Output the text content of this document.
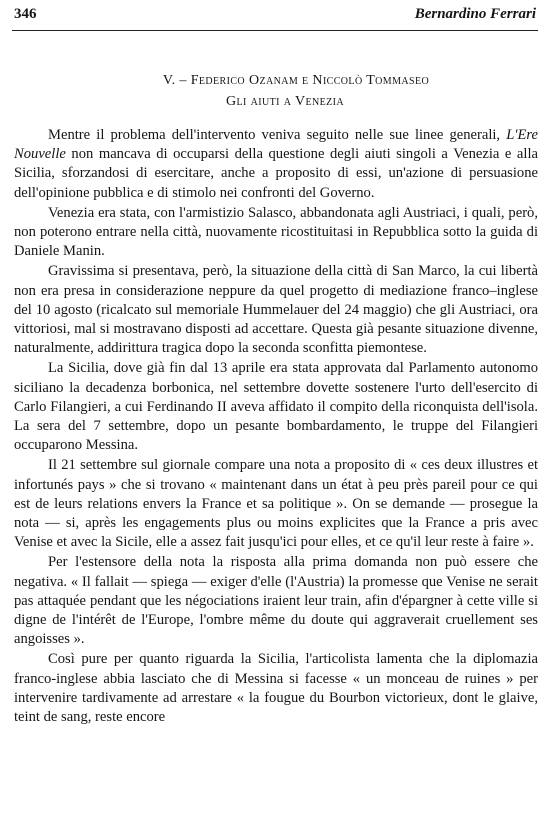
346	Bernardino Ferrari
V. – Federico Ozanam e Niccolò Tommaseo
Gli aiuti a Venezia

Mentre il problema dell'intervento veniva seguito nelle sue linee generali, L'Ere Nouvelle non mancava di occuparsi della questione degli aiuti singoli a Venezia e alla Sicilia, sforzandosi di esercitare, anche a proposito di essi, un'azione di persuasione dell'opinione pubblica e di stimolo nei confronti del Governo.

Venezia era stata, con l'armistizio Salasco, abbandonata agli Austriaci, i quali, però, non poterono entrare nella città, nuovamente ricostituitasi in Repubblica sotto la guida di Daniele Manin.

Gravissima si presentava, però, la situazione della città di San Marco, la cui libertà non era presa in considerazione neppure da quel progetto di mediazione franco–inglese del 10 agosto (ricalcato sul memoriale Hummelauer del 24 maggio) che gli Austriaci, ora vittoriosi, mal si mostravano disposti ad accettare. Questa già pesante situazione divenne, naturalmente, addirittura tragica dopo la seconda sconfitta piemontese.

La Sicilia, dove già fin dal 13 aprile era stata approvata dal Parlamento autonomo siciliano la decadenza borbonica, nel settembre dovette sostenere l'urto dell'esercito di Carlo Filangieri, a cui Ferdinando II aveva affidato il compito della riconquista dell'isola. La sera del 7 settembre, dopo un pesante bombardamento, le truppe del Filangieri occuparono Messina.

Il 21 settembre sul giornale compare una nota a proposito di « ces deux illustres et infortunés pays » che si trovano « maintenant dans un état à peu près pareil pour ce qui est de leurs relations envers la France et sa politique ». On se demande — prosegue la nota — si, après les engagements plus ou moins explicites que la France a pris avec Venise et avec la Sicile, elle a assez fait jusqu'ici pour elles, et ce qu'il leur reste à faire ».

Per l'estensore della nota la risposta alla prima domanda non può essere che negativa. « Il fallait — spiega — exiger d'elle (l'Austria) la promesse que Venise ne serait pas attaquée pendant que les négociations iraient leur train, afin d'épargner à cette ville si digne de l'intérêt de l'Europe, l'ombre même du doute qui aggraverait cruellement ses angoisses ».

Così pure per quanto riguarda la Sicilia, l'articolista lamenta che la diplomazia franco-inglese abbia lasciato che di Messina si facesse « un monceau de ruines » per intervenire tardivamente ad arrestare « la fougue du Bourbon victorieux, dont le glaive, teint de sang, reste encore
